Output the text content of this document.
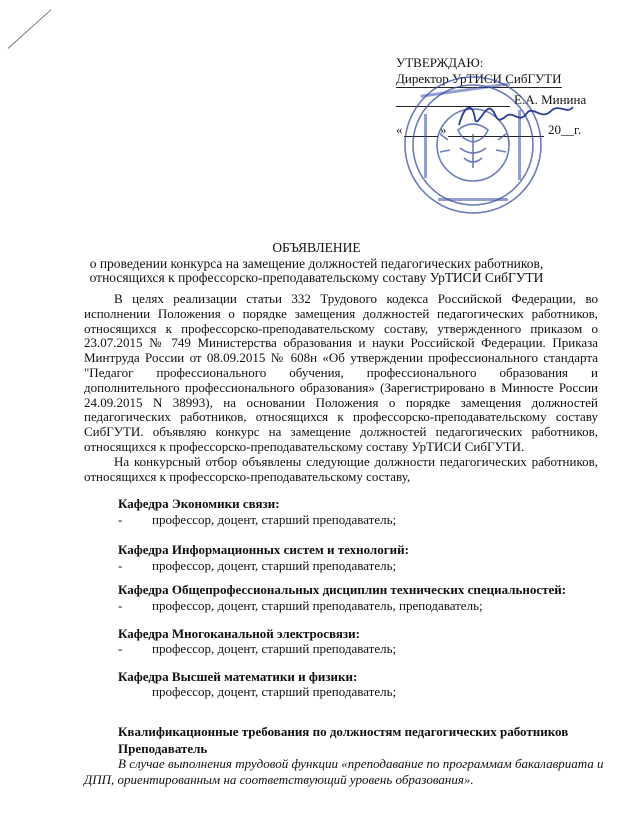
УТВЕРЖДАЮ:
Директор УрТИСИ СибГУТИ
Е.А. Минина
«	»	20__г.
ОБЪЯВЛЕНИЕ
о проведении конкурса на замещение должностей педагогических работников,
относящихся к профессорско-преподавательскому составу УрТИСИ СибГУТИ

В целях реализации статьи 332 Трудового кодекса Российской Федерации, во исполнении Положения о порядке замещения должностей педагогических работников, относящихся к профессорско-преподавательскому составу, утвержденного приказом о 23.07.2015 № 749 Министерства образования и науки Российской Федерации. Приказа Минтруда России от 08.09.2015 № 608н «Об утверждении профессионального стандарта "Педагог профессионального обучения, профессионального образования и дополнительного профессионального образования» (Зарегистрировано в Минюсте России 24.09.2015 N 38993), на основании Положения о порядке замещения должностей педагогических работников, относящихся к профессорско-преподавательскому составу СибГУТИ. объявляю конкурс на замещение должностей педагогических работников, относящихся к профессорско-преподавательскому составу УрТИСИ СибГУТИ.

На конкурсный отбор объявлены следующие должности педагогических работников, относящихся к профессорско-преподавательскому составу,

Кафедра Экономики связи:
- профессор, доцент, старший преподаватель;
Кафедра Информационных систем и технологий:
- профессор, доцент, старший преподаватель;
Кафедра Общепрофессиональных дисциплин технических специальностей:
- профессор, доцент, старший преподаватель, преподаватель;
Кафедра Многоканальной электросвязи:
- профессор, доцент, старший преподаватель;
Кафедра Высшей математики и физики:
профессор, доцент, старший преподаватель;
Квалификационные требования по должностям педагогических работников
Преподаватель
В случае выполнения трудовой функции «преподавание по программам бакалавриата и ДПП, ориентированным на соответствующий уровень образования».
